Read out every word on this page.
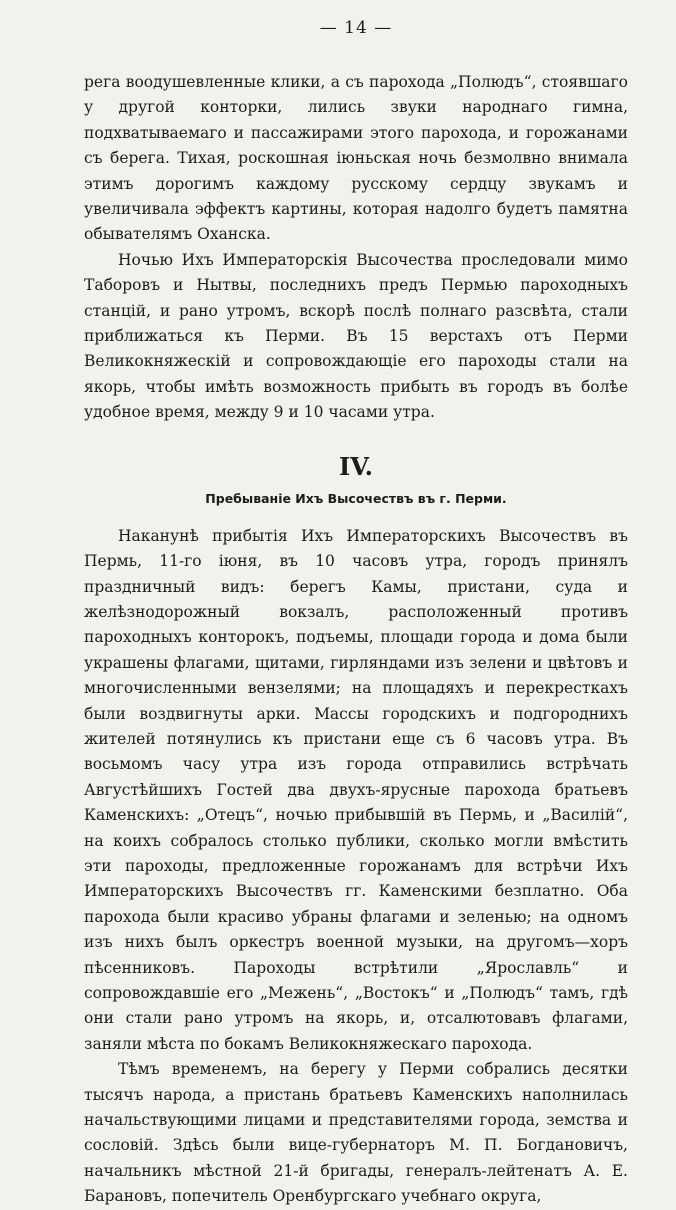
— 14 —

рега воодушевленные клики, а съ парохода „Полюдъ“, стоявшаго у другой конторки, лились звуки народнаго гимна, подхватываемаго и пассажирами этого парохода, и горожанами съ берега. Тихая, роскошная іюньская ночь безмолвно внимала этимъ дорогимъ каждому русскому сердцу звукамъ и увеличивала эффектъ картины, которая надолго будетъ памятна обывателямъ Оханска.

Ночью Ихъ Императорскія Высочества проследовали мимо Таборовъ и Нытвы, последнихъ предъ Пермью пароходныхъ станцій, и рано утромъ, вскорѣ послѣ полнаго разсвѣта, стали приближаться къ Перми. Въ 15 верстахъ отъ Перми Великокняжескій и сопровождающіе его пароходы стали на якорь, чтобы имѣть возможность прибыть въ городъ въ болѣе удобное время, между 9 и 10 часами утра.

IV.
Пребываніе Ихъ Высочествъ въ г. Перми.

Наканунѣ прибытія Ихъ Императорскихъ Высочествъ въ Пермь, 11-го іюня, въ 10 часовъ утра, городъ принялъ праздничный видъ: берегъ Камы, пристани, суда и желѣзнодорожный вокзалъ, расположенный противъ пароходныхъ конторокъ, подъемы, площади города и дома были украшены флагами, щитами, гирляндами изъ зелени и цвѣтовъ и многочисленными вензелями; на площадяхъ и перекресткахъ были воздвигнуты арки. Массы городскихъ и подгороднихъ жителей потянулись къ пристани еще съ 6 часовъ утра. Въ восьмомъ часу утра изъ города отправились встрѣчать Августѣйшихъ Гостей два двухъ-ярусные парохода братьевъ Каменскихъ: „Отецъ“, ночью прибывшій въ Пермь, и „Василій“, на коихъ собралось столько публики, сколько могли вмѣстить эти пароходы, предложенные горожанамъ для встрѣчи Ихъ Императорскихъ Высочествъ гг. Каменскими безплатно. Оба парохода были красиво убраны флагами и зеленью; на одномъ изъ нихъ былъ оркестръ военной музыки, на другомъ—хоръ пѣсенниковъ. Пароходы встрѣтили „Ярославль“ и сопровождавшіе его „Межень“, „Востокъ“ и „Полюдъ“ тамъ, гдѣ они стали рано утромъ на якорь, и, отсалютовавъ флагами, заняли мѣста по бокамъ Великокняжескаго парохода.

Тѣмъ временемъ, на берегу у Перми собрались десятки тысячъ народа, а пристань братьевъ Каменскихъ наполнилась начальствующими лицами и представителями города, земства и сословій. Здѣсь были вице-губернаторъ М. П. Богдановичъ, начальникъ мѣстной 21-й бригады, генералъ-лейтенатъ А. Е. Барановъ, попечитель Оренбургскаго учебнаго округа,
